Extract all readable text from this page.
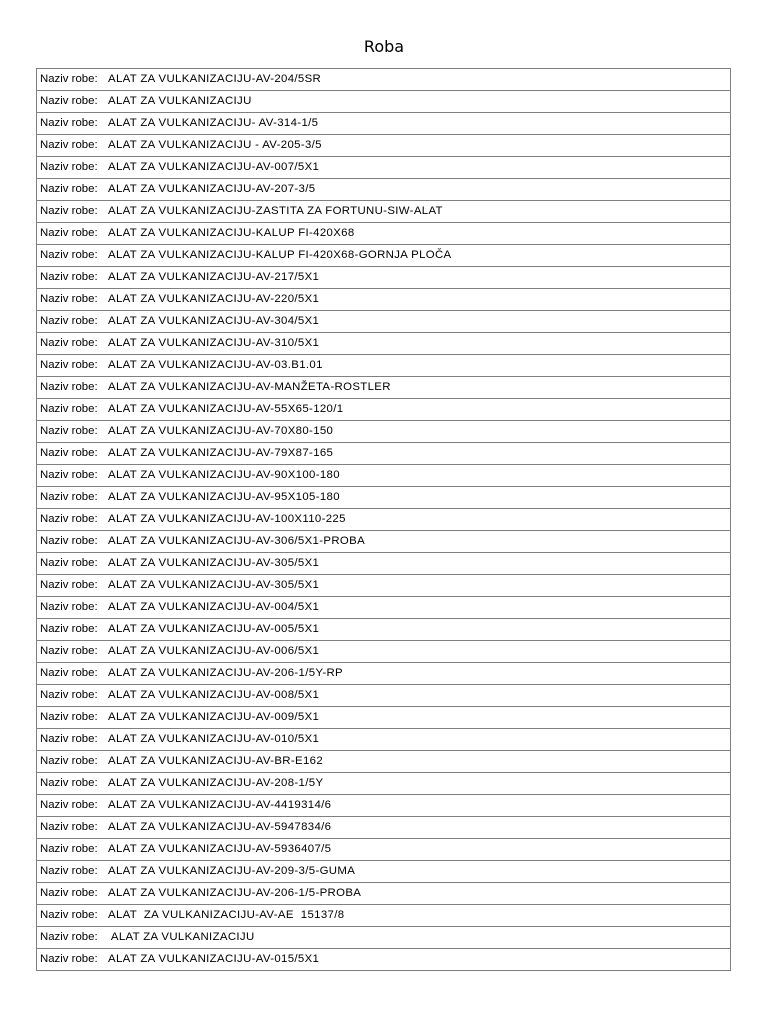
Roba
Naziv robe: ALAT ZA VULKANIZACIJU-AV-204/5SR
Naziv robe: ALAT ZA VULKANIZACIJU
Naziv robe: ALAT ZA VULKANIZACIJU- AV-314-1/5
Naziv robe: ALAT ZA VULKANIZACIJU - AV-205-3/5
Naziv robe: ALAT ZA VULKANIZACIJU-AV-007/5X1
Naziv robe: ALAT ZA VULKANIZACIJU-AV-207-3/5
Naziv robe: ALAT ZA VULKANIZACIJU-ZASTITA ZA FORTUNU-SIW-ALAT
Naziv robe: ALAT ZA VULKANIZACIJU-KALUP FI-420X68
Naziv robe: ALAT ZA VULKANIZACIJU-KALUP FI-420X68-GORNJA PLOČA
Naziv robe: ALAT ZA VULKANIZACIJU-AV-217/5X1
Naziv robe: ALAT ZA VULKANIZACIJU-AV-220/5X1
Naziv robe: ALAT ZA VULKANIZACIJU-AV-304/5X1
Naziv robe: ALAT ZA VULKANIZACIJU-AV-310/5X1
Naziv robe: ALAT ZA VULKANIZACIJU-AV-03.B1.01
Naziv robe: ALAT ZA VULKANIZACIJU-AV-MANŽETA-ROSTLER
Naziv robe: ALAT ZA VULKANIZACIJU-AV-55X65-120/1
Naziv robe: ALAT ZA VULKANIZACIJU-AV-70X80-150
Naziv robe: ALAT ZA VULKANIZACIJU-AV-79X87-165
Naziv robe: ALAT ZA VULKANIZACIJU-AV-90X100-180
Naziv robe: ALAT ZA VULKANIZACIJU-AV-95X105-180
Naziv robe: ALAT ZA VULKANIZACIJU-AV-100X110-225
Naziv robe: ALAT ZA VULKANIZACIJU-AV-306/5X1-PROBA
Naziv robe: ALAT ZA VULKANIZACIJU-AV-305/5X1
Naziv robe: ALAT ZA VULKANIZACIJU-AV-305/5X1
Naziv robe: ALAT ZA VULKANIZACIJU-AV-004/5X1
Naziv robe: ALAT ZA VULKANIZACIJU-AV-005/5X1
Naziv robe: ALAT ZA VULKANIZACIJU-AV-006/5X1
Naziv robe: ALAT ZA VULKANIZACIJU-AV-206-1/5Y-RP
Naziv robe: ALAT ZA VULKANIZACIJU-AV-008/5X1
Naziv robe: ALAT ZA VULKANIZACIJU-AV-009/5X1
Naziv robe: ALAT ZA VULKANIZACIJU-AV-010/5X1
Naziv robe: ALAT ZA VULKANIZACIJU-AV-BR-E162
Naziv robe: ALAT ZA VULKANIZACIJU-AV-208-1/5Y
Naziv robe: ALAT ZA VULKANIZACIJU-AV-4419314/6
Naziv robe: ALAT ZA VULKANIZACIJU-AV-5947834/6
Naziv robe: ALAT ZA VULKANIZACIJU-AV-5936407/5
Naziv robe: ALAT ZA VULKANIZACIJU-AV-209-3/5-GUMA
Naziv robe: ALAT ZA VULKANIZACIJU-AV-206-1/5-PROBA
Naziv robe: ALAT  ZA VULKANIZACIJU-AV-AE  15137/8
Naziv robe: ALAT ZA VULKANIZACIJU
Naziv robe: ALAT ZA VULKANIZACIJU-AV-015/5X1
